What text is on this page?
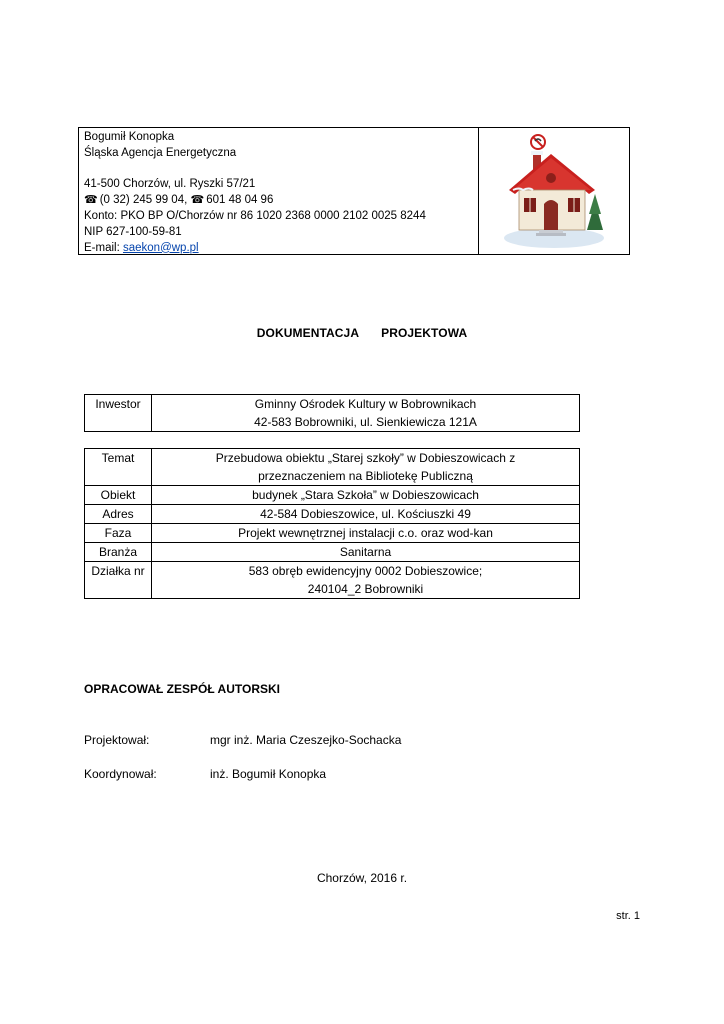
Bogumił Konopka
Śląska Agencja Energetyczna
41-500 Chorzów, ul. Ryszki 57/21
☎ (0 32) 245 99 04, ☎ 601 48 04 96
Konto: PKO BP O/Chorzów nr 86 1020 2368 0000 2102 0025 8244
NIP 627-100-59-81
E-mail: saekon@wp.pl
DOKUMENTACJA PROJEKTOWA
Inwestor	Gminny Ośrodek Kultury w Bobrownikach
42-583 Bobrowniki, ul. Sienkiewicza 121A
Temat	Przebudowa obiektu „Starej szkoły” w Dobieszowicach z
przeznaczeniem na Bibliotekę Publiczną

Obiekt	budynek „Stara Szkoła” w Dobieszowicach

Adres	42-584 Dobieszowice, ul. Kościuszki 49

Faza	Projekt wewnętrznej instalacji c.o. oraz wod-kan

Branża	Sanitarna

Działka nr	583 obręb ewidencyjny 0002 Dobieszowice;
240104_2 Bobrowniki
OPRACOWAŁ ZESPÓŁ AUTORSKI
Projektował:	mgr inż. Maria Czeszejko-Sochacka
Koordynował:	inż. Bogumił Konopka
Chorzów, 2016 r.
str. 1
